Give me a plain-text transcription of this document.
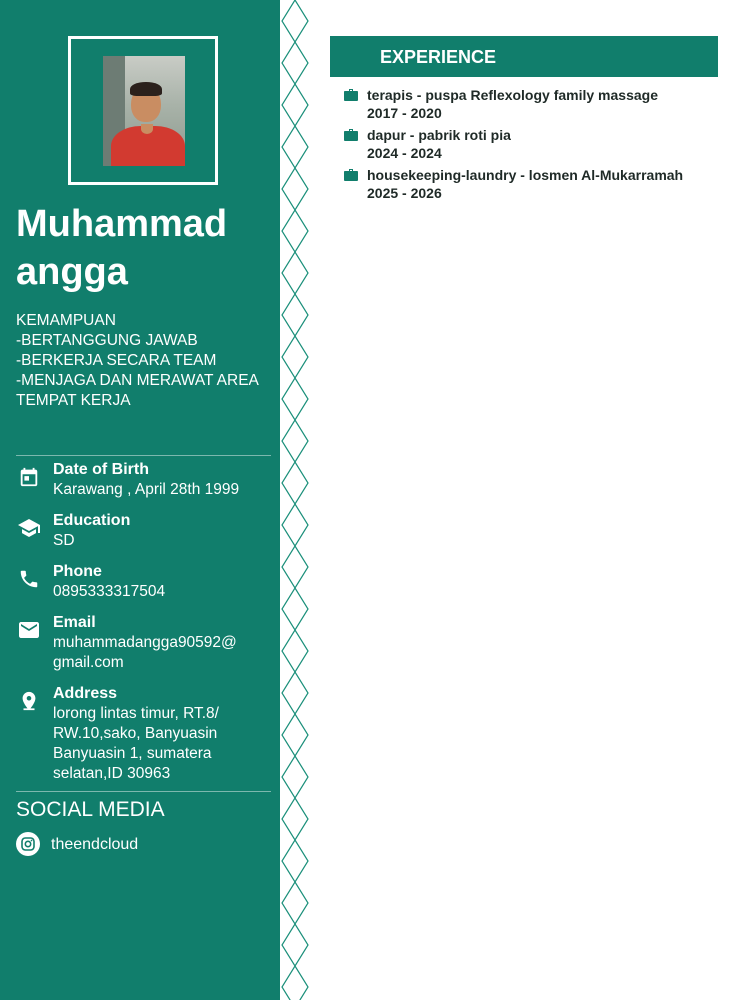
Muhammad angga
KEMAMPUAN
-BERTANGGUNG JAWAB
-BERKERJA SECARA TEAM
-MENJAGA DAN MERAWAT AREA TEMPAT KERJA
Date of Birth
Karawang , April 28th 1999
Education
SD
Phone
0895333317504
Email
muhammadangga90592@
gmail.com
Address
lorong lintas timur, RT.8/
RW.10,sako, Banyuasin
Banyuasin 1, sumatera
selatan,ID 30963
SOCIAL MEDIA
theendcloud
EXPERIENCE
terapis - puspa Reflexology family massage
2017 - 2020
dapur - pabrik roti pia
2024 - 2024
housekeeping-laundry - losmen Al-Mukarramah
2025 - 2026
